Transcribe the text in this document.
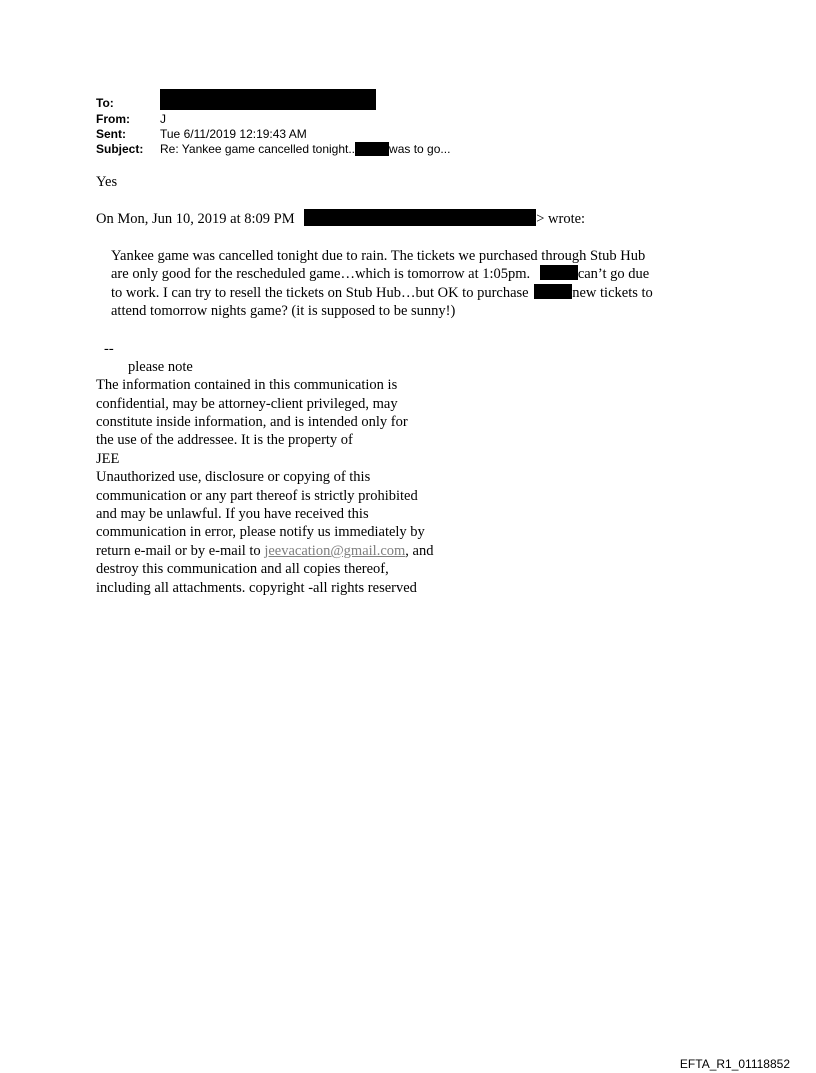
To:
From:	J
Sent:	Tue 6/11/2019 12:19:43 AM
Subject: Re: Yankee game cancelled tonight..	was to go...
Yes
On Mon, Jun 10, 2019 at 8:09 PM	> wrote:
Yankee game was cancelled tonight due to rain. The tickets we purchased through Stub Hub
are only good for the rescheduled game…which is tomorrow at 1:05pm.	can’t go due
to work. I can try to resell the tickets on Stub Hub…but OK to purchase	new tickets to
attend tomorrow nights game? (it is supposed to be sunny!)
--
please note
The information contained in this communication is
confidential, may be attorney-client privileged, may
constitute inside information, and is intended only for
the use of the addressee. It is the property of
JEE
Unauthorized use, disclosure or copying of this
communication or any part thereof is strictly prohibited
and may be unlawful. If you have received this
communication in error, please notify us immediately by
return e-mail or by e-mail to jeevacation@gmail.com, and
destroy this communication and all copies thereof,
including all attachments. copyright -all rights reserved
EFTA_R1_01118852
